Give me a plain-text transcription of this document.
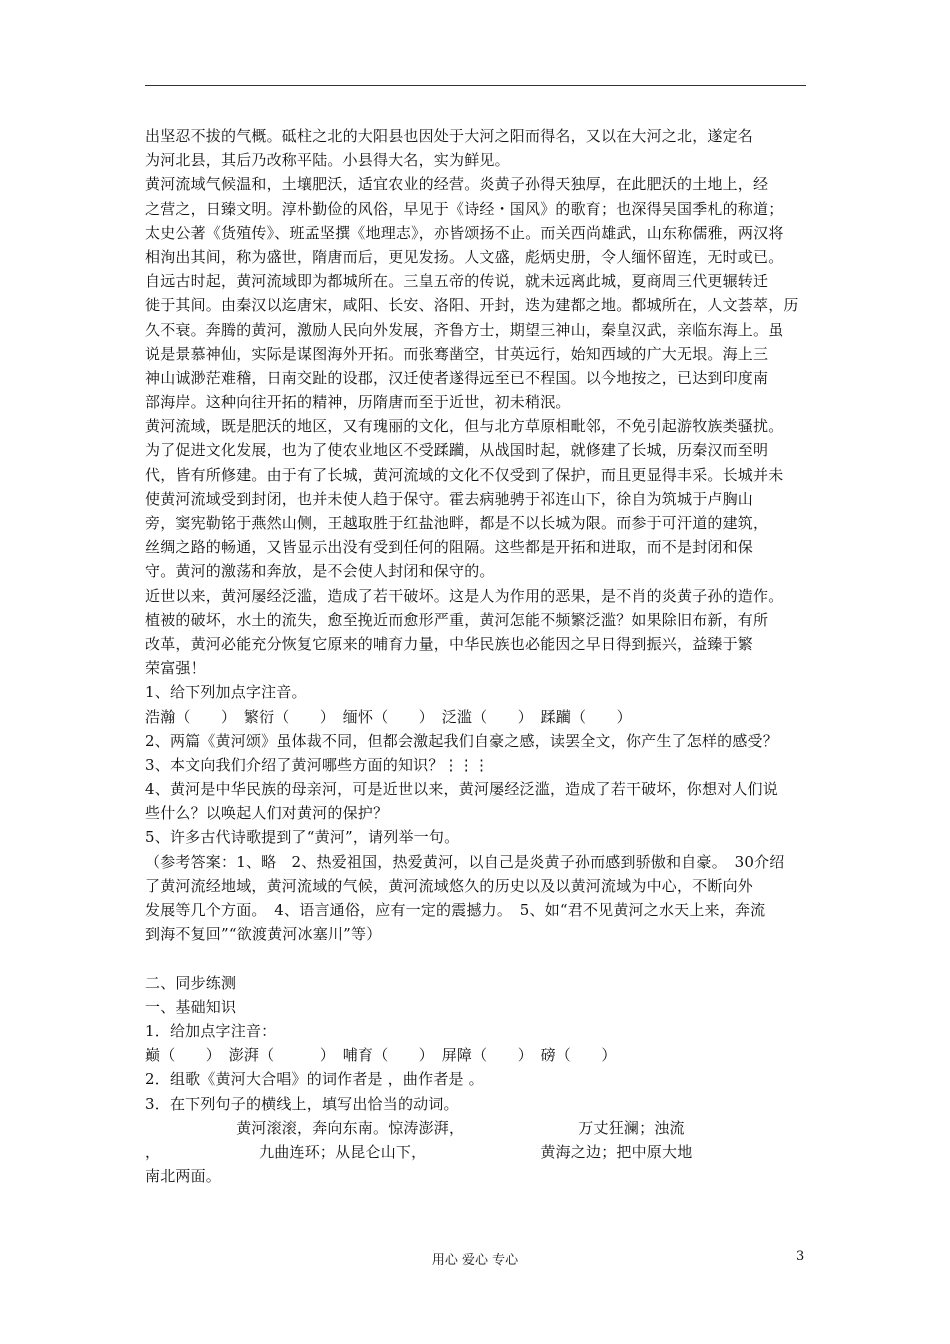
出坚忍不拔的气概。砥柱之北的大阳县也因处于大河之阳而得名，又以在大河之北，遂定名
为河北县，其后乃改称平陆。小县得大名，实为鲜见。
黄河流域气候温和，土壤肥沃，适宜农业的经营。炎黄子孙得天独厚，在此肥沃的土地上，经
之营之，日臻文明。淳朴勤俭的风俗，早见于《诗经・国风》的歌育；也深得吴国季札的称道；
太史公著《货殖传》、班孟坚撰《地理志》，亦皆颂扬不止。而关西尚雄武，山东称儒雅，两汉将
相洵出其间，称为盛世，隋唐而后，更见发扬。人文盛，彪炳史册，令人缅怀留连，无时或已。
自远古时起，黄河流域即为都城所在。三皇五帝的传说，就未远离此城，夏商周三代更辗转迁
徙于其间。由秦汉以迄唐宋，咸阳、长安、洛阳、开封，迭为建都之地。都城所在，人文荟萃，历
久不衰。奔腾的黄河，激励人民向外发展，齐鲁方士，期望三神山，秦皇汉武，亲临东海上。虽
说是景慕神仙，实际是谋图海外开拓。而张骞凿空，甘英远行，始知西域的广大无垠。海上三
神山诚渺茫难稽，日南交趾的设郡，汉迁使者遂得远至已不程国。以今地按之，已达到印度南
部海岸。这种向往开拓的精神，历隋唐而至于近世，初未稍泯。
黄河流域，既是肥沃的地区，又有瑰丽的文化，但与北方草原相毗邻，不免引起游牧族类骚扰。
为了促进文化发展，也为了使农业地区不受蹂躏，从战国时起，就修建了长城，历秦汉而至明
代，皆有所修建。由于有了长城，黄河流域的文化不仅受到了保护，而且更显得丰采。长城并未
使黄河流域受到封闭，也并未使人趋于保守。霍去病驰骋于祁连山下，徐自为筑城于卢胸山
旁，窦宪勒铭于燕然山侧，王越取胜于红盐池畔，都是不以长城为限。而参于可汗道的建筑，
丝绸之路的畅通，又皆显示出没有受到任何的阻隔。这些都是开拓和进取，而不是封闭和保
守。黄河的激荡和奔放，是不会使人封闭和保守的。
近世以来，黄河屡经泛滥，造成了若干破坏。这是人为作用的恶果，是不肖的炎黄子孙的造作。
植被的破坏，水土的流失，愈至挽近而愈形严重，黄河怎能不频繁泛滥？如果除旧布新，有所
改革，黄河必能充分恢复它原来的哺育力量，中华民族也必能因之早日得到振兴，益臻于繁
荣富强！
1、给下列加点字注音。
浩瀚（　　）　繁衍（　　）　缅怀（　　）　泛滥（　　）　蹂躏（　　）
2、两篇《黄河颂》虽体裁不同，但都会激起我们自豪之感，读罢全文，你产生了怎样的感受？
3、本文向我们介绍了黄河哪些方面的知识？⋮⋮⋮
4、黄河是中华民族的母亲河，可是近世以来，黄河屡经泛滥，造成了若干破坏，你想对人们说
些什么？以唤起人们对黄河的保护？
5、许多古代诗歌提到了“黄河”，请列举一句。
（参考答案：1、略　2、热爱祖国，热爱黄河，以自己是炎黄子孙而感到骄傲和自豪。　30介绍
了黄河流经地域，黄河流域的气候，黄河流域悠久的历史以及以黄河流域为中心，不断向外
发展等几个方面。　4、语言通俗，应有一定的震撼力。　5、如“君不见黄河之水天上来，奔流
到海不复回”“欲渡黄河冰塞川”等）
二、同步练测
一、基础知识
1．给加点字注音：
巅（　　）　澎湃（　　　）　哺育（　　）　屏障（　　）　磅（　　）
2．组歌《黄河大合唱》的词作者是 ，曲作者是 。
3．在下列句子的横线上，填写出恰当的动词。
　　　　　　黄河滚滚，奔向东南。惊涛澎湃，　　　　　　　　万丈狂澜；浊流
，　　　　　　　九曲连环；从昆仑山下，　　　　　　　　黄海之边；把中原大地
南北两面。
用心 爱心 专心	3
